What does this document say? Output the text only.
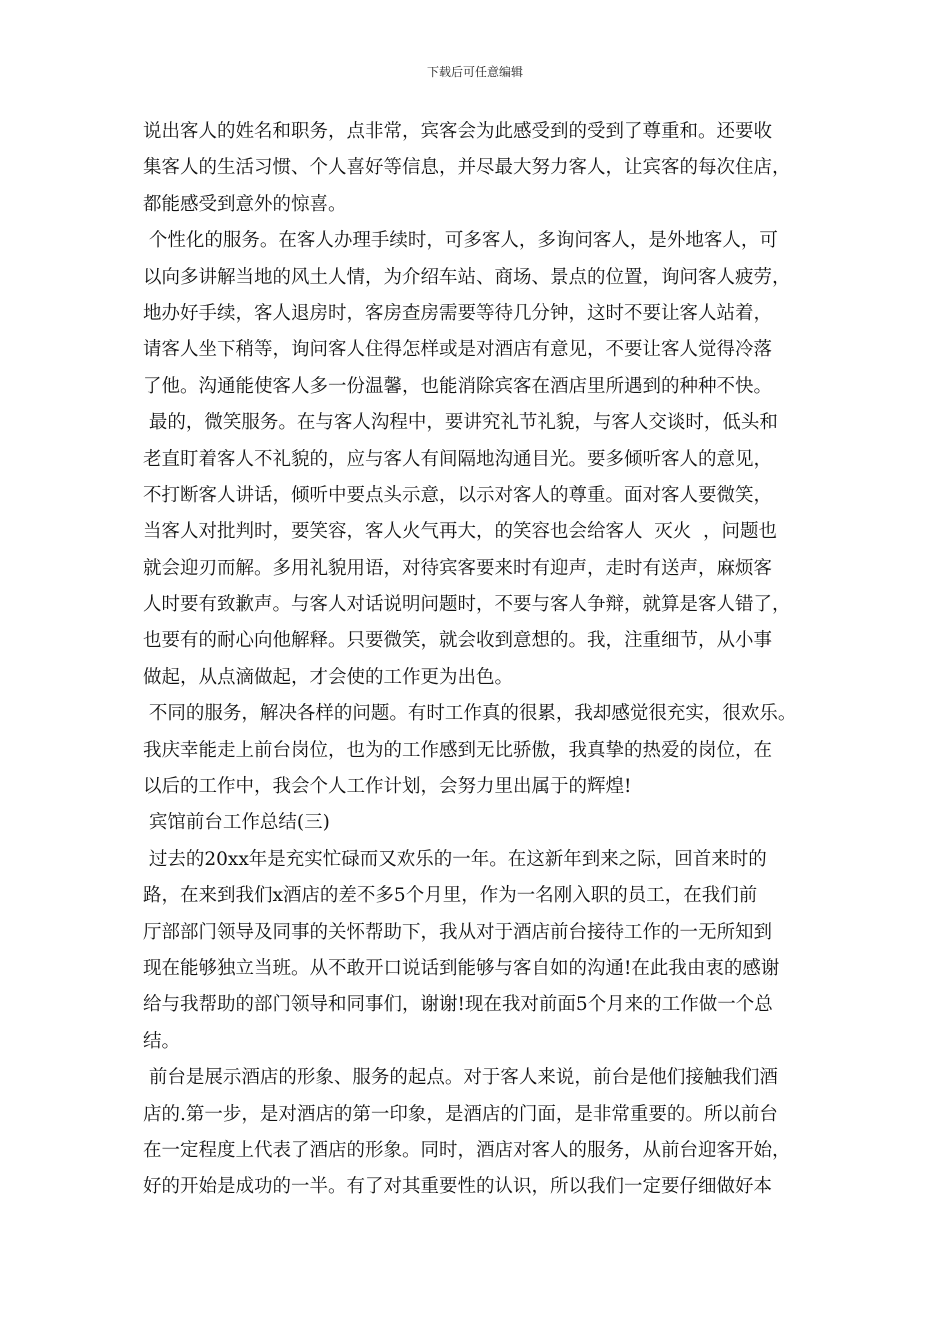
下载后可任意编辑
说出客人的姓名和职务，点非常，宾客会为此感受到的受到了尊重和。还要收
集客人的生活习惯、个人喜好等信息，并尽最大努力客人，让宾客的每次住店，
都能感受到意外的惊喜。
个性化的服务。在客人办理手续时，可多客人，多询问客人，是外地客人，可
以向多讲解当地的风土人情，为介绍车站、商场、景点的位置，询问客人疲劳，
地办好手续，客人退房时，客房查房需要等待几分钟，这时不要让客人站着，
请客人坐下稍等，询问客人住得怎样或是对酒店有意见，不要让客人觉得冷落
了他。沟通能使客人多一份温馨，也能消除宾客在酒店里所遇到的种种不快。
最的，微笑服务。在与客人沟程中，要讲究礼节礼貌，与客人交谈时，低头和
老直盯着客人不礼貌的，应与客人有间隔地沟通目光。要多倾听客人的意见，
不打断客人讲话，倾听中要点头示意，以示对客人的尊重。面对客人要微笑，
当客人对批判时，要笑容，客人火气再大，的笑容也会给客人  灭火  ，问题也
就会迎刃而解。多用礼貌用语，对待宾客要来时有迎声，走时有送声，麻烦客
人时要有致歉声。与客人对话说明问题时，不要与客人争辩，就算是客人错了，
也要有的耐心向他解释。只要微笑，就会收到意想的。我，注重细节，从小事
做起，从点滴做起，才会使的工作更为出色。
不同的服务，解决各样的问题。有时工作真的很累，我却感觉很充实，很欢乐。
我庆幸能走上前台岗位，也为的工作感到无比骄傲，我真挚的热爱的岗位，在
以后的工作中，我会个人工作计划，会努力里出属于的辉煌!
宾馆前台工作总结(三)
过去的20xx年是充实忙碌而又欢乐的一年。在这新年到来之际，回首来时的
路，在来到我们x酒店的差不多5个月里，作为一名刚入职的员工，在我们前
厅部部门领导及同事的关怀帮助下，我从对于酒店前台接待工作的一无所知到
现在能够独立当班。从不敢开口说话到能够与客自如的沟通!在此我由衷的感谢
给与我帮助的部门领导和同事们，谢谢!现在我对前面5个月来的工作做一个总
结。
前台是展示酒店的形象、服务的起点。对于客人来说，前台是他们接触我们酒
店的.第一步，是对酒店的第一印象，是酒店的门面，是非常重要的。所以前台
在一定程度上代表了酒店的形象。同时，酒店对客人的服务，从前台迎客开始，
好的开始是成功的一半。有了对其重要性的认识，所以我们一定要仔细做好本
